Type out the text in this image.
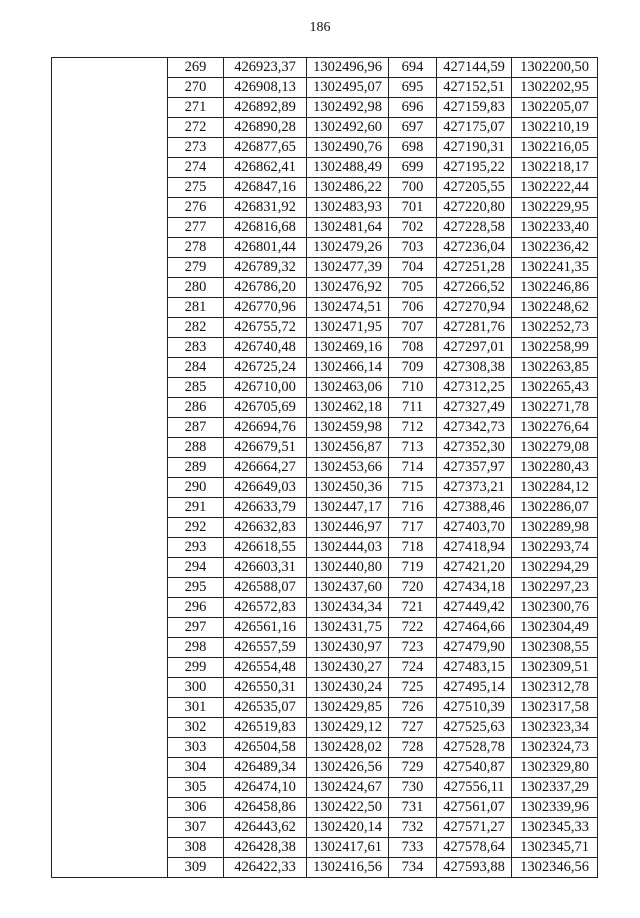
186
	269	426923,37	1302496,96	694	427144,59	1302200,50
	270	426908,13	1302495,07	695	427152,51	1302202,95
	271	426892,89	1302492,98	696	427159,83	1302205,07
	272	426890,28	1302492,60	697	427175,07	1302210,19
	273	426877,65	1302490,76	698	427190,31	1302216,05
	274	426862,41	1302488,49	699	427195,22	1302218,17
	275	426847,16	1302486,22	700	427205,55	1302222,44
	276	426831,92	1302483,93	701	427220,80	1302229,95
	277	426816,68	1302481,64	702	427228,58	1302233,40
	278	426801,44	1302479,26	703	427236,04	1302236,42
	279	426789,32	1302477,39	704	427251,28	1302241,35
	280	426786,20	1302476,92	705	427266,52	1302246,86
	281	426770,96	1302474,51	706	427270,94	1302248,62
	282	426755,72	1302471,95	707	427281,76	1302252,73
	283	426740,48	1302469,16	708	427297,01	1302258,99
	284	426725,24	1302466,14	709	427308,38	1302263,85
	285	426710,00	1302463,06	710	427312,25	1302265,43
	286	426705,69	1302462,18	711	427327,49	1302271,78
	287	426694,76	1302459,98	712	427342,73	1302276,64
	288	426679,51	1302456,87	713	427352,30	1302279,08
	289	426664,27	1302453,66	714	427357,97	1302280,43
	290	426649,03	1302450,36	715	427373,21	1302284,12
	291	426633,79	1302447,17	716	427388,46	1302286,07
	292	426632,83	1302446,97	717	427403,70	1302289,98
	293	426618,55	1302444,03	718	427418,94	1302293,74
	294	426603,31	1302440,80	719	427421,20	1302294,29
	295	426588,07	1302437,60	720	427434,18	1302297,23
	296	426572,83	1302434,34	721	427449,42	1302300,76
	297	426561,16	1302431,75	722	427464,66	1302304,49
	298	426557,59	1302430,97	723	427479,90	1302308,55
	299	426554,48	1302430,27	724	427483,15	1302309,51
	300	426550,31	1302430,24	725	427495,14	1302312,78
	301	426535,07	1302429,85	726	427510,39	1302317,58
	302	426519,83	1302429,12	727	427525,63	1302323,34
	303	426504,58	1302428,02	728	427528,78	1302324,73
	304	426489,34	1302426,56	729	427540,87	1302329,80
	305	426474,10	1302424,67	730	427556,11	1302337,29
	306	426458,86	1302422,50	731	427561,07	1302339,96
	307	426443,62	1302420,14	732	427571,27	1302345,33
	308	426428,38	1302417,61	733	427578,64	1302345,71
	309	426422,33	1302416,56	734	427593,88	1302346,56
